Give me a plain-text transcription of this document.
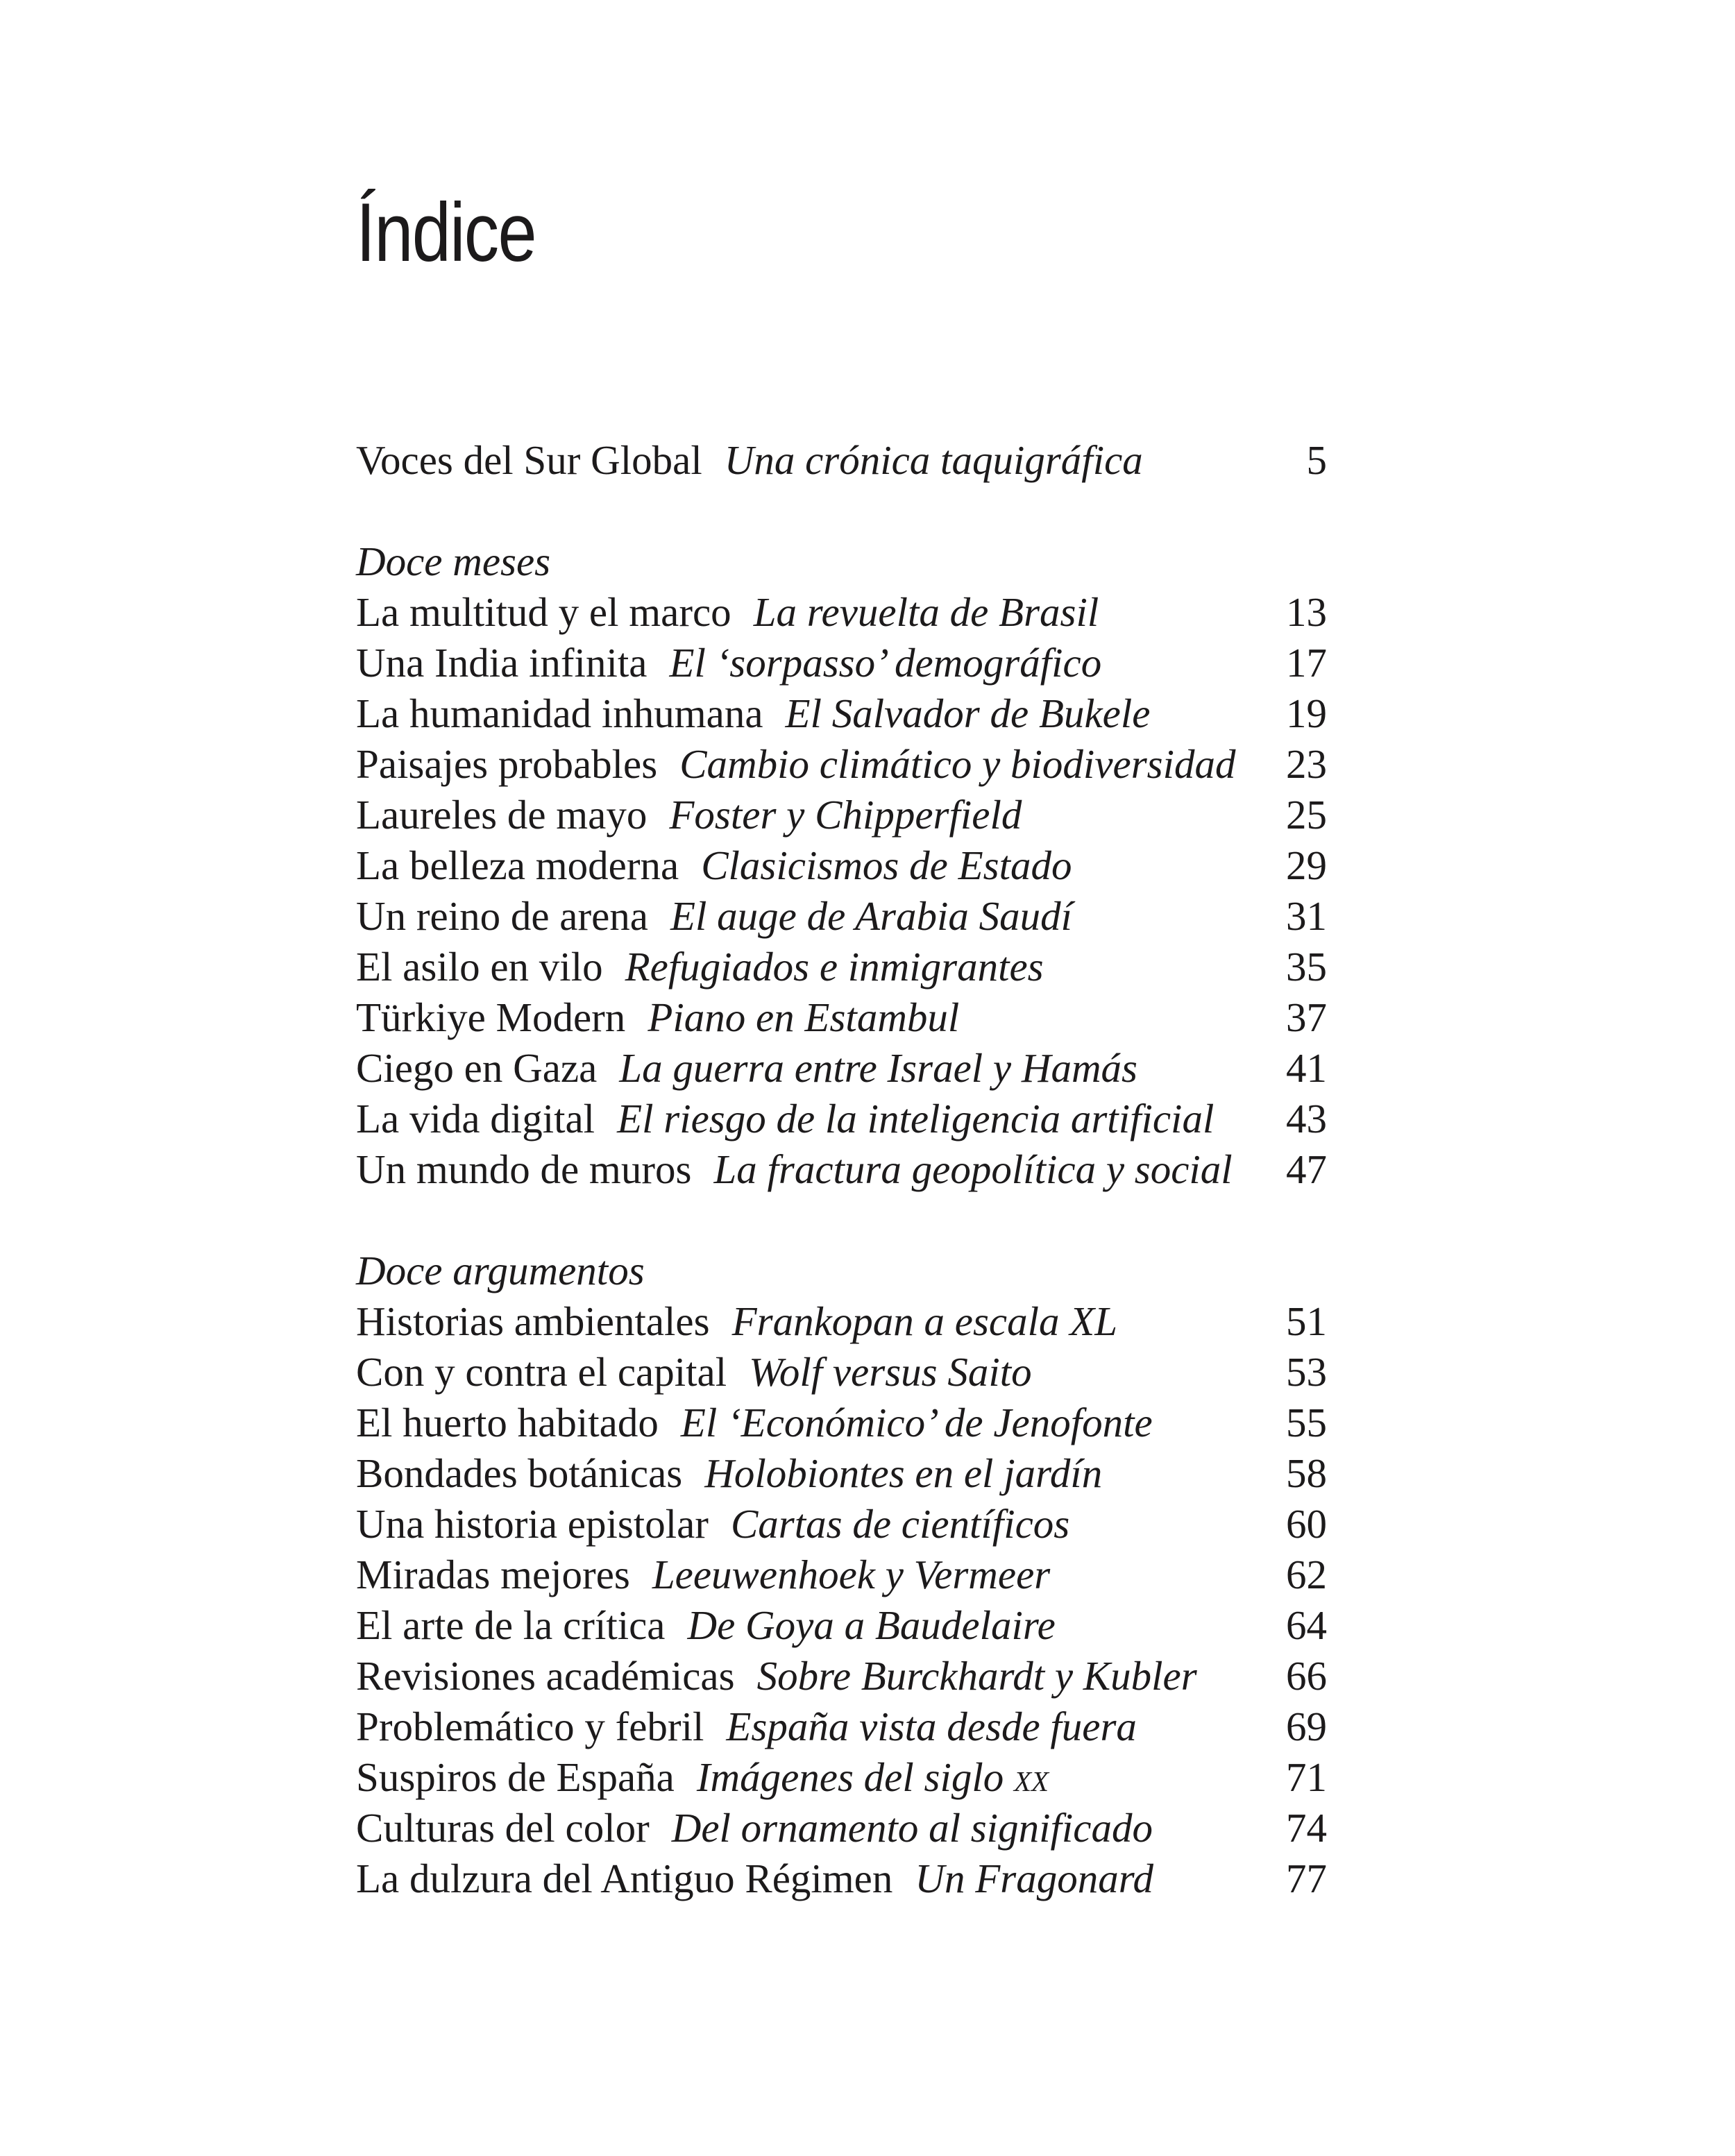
Índice
Voces del Sur Global Una crónica taquigráfica	5
Doce meses
La multitud y el marco La revuelta de Brasil	13
Una India infinita El ‘sorpasso’ demográfico	17
La humanidad inhumana El Salvador de Bukele	19
Paisajes probables Cambio climático y biodiversidad 23
Laureles de mayo Foster y Chipperfield	25
La belleza moderna Clasicismos de Estado	29
Un reino de arena El auge de Arabia Saudí	31
El asilo en vilo Refugiados e inmigrantes	35
Türkiye Modern Piano en Estambul	37
Ciego en Gaza La guerra entre Israel y Hamás	41
La vida digital El riesgo de la inteligencia artificial 43
Un mundo de muros La fractura geopolítica y social 47
Doce argumentos
Historias ambientales Frankopan a escala XL	51
Con y contra el capital Wolf versus Saito	53
El huerto habitado El ‘Económico’ de Jenofonte	55
Bondades botánicas Holobiontes en el jardín	58
Una historia epistolar Cartas de científicos	60
Miradas mejores Leeuwenhoek y Vermeer	62
El arte de la crítica De Goya a Baudelaire	64
Revisiones académicas Sobre Burckhardt y Kubler 66
Problemático y febril España vista desde fuera	69
Suspiros de España Imágenes del siglo xx	71
Culturas del color Del ornamento al significado	74
La dulzura del Antiguo Régimen Un Fragonard	77
